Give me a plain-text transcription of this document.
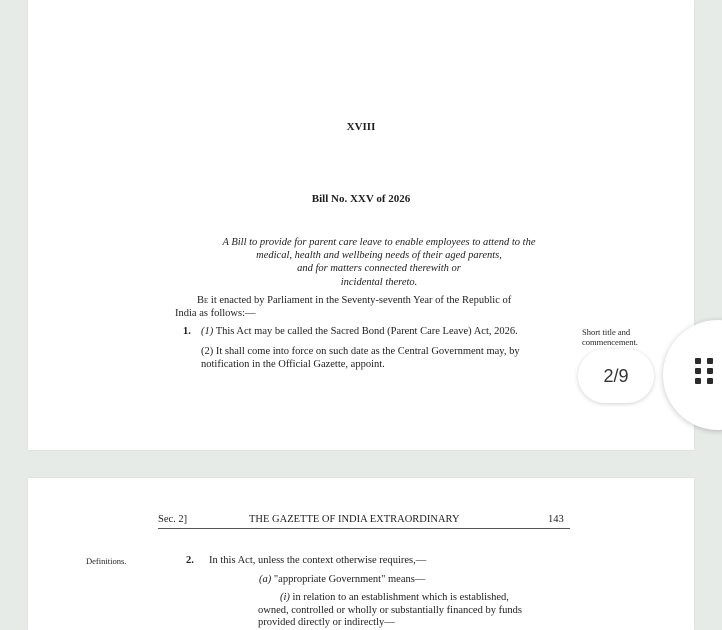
XVIII
Bill No. XXV of 2026
A Bill to provide for parent care leave to enable employees to attend to the
medical, health and wellbeing needs of their aged parents,
and for matters connected therewith or
incidental thereto.
Be it enacted by Parliament in the Seventy-seventh Year of the Republic of
India as follows:—
1. (1) This Act may be called the Sacred Bond (Parent Care Leave) Act, 2026.
(2) It shall come into force on such date as the Central Government may, by
notification in the Official Gazette, appoint.
Short title and
commencement.
2/9
Sec. 2]	THE GAZETTE OF INDIA EXTRAORDINARY	143
Definitions.	2. In this Act, unless the context otherwise requires,—
(a) "appropriate Government" means—
(i) in relation to an establishment which is established,
owned, controlled or wholly or substantially financed by funds
provided directly or indirectly—
